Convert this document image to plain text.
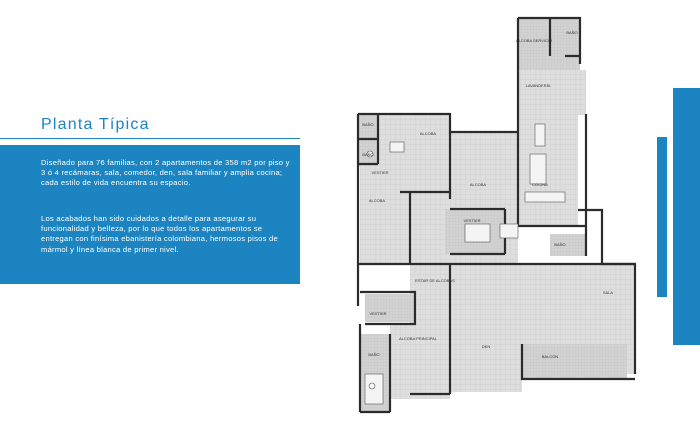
Planta Típica

Diseñado para 76 familias, con 2 apartamentos de 358 m2 por piso y 3 ó 4 recámaras, sala, comedor, den, sala familiar y amplia cocina; cada estilo de vida encuentra su espacio.

Los acabados han sido cuidados a detalle para asegurar su funcionalidad y belleza, por lo que todos los apartamentos se entregan con finísima ebanistería colombiana, hermosos pisos de mármol y línea blanca de primer nivel.

ALCOBA SERVICIO
BAÑO
LAVANDERÍA
BAÑO
ALCOBA
BAÑO
VESTIER
ALCOBA
ALCOBA
VESTIER
COCINA
BAÑO
ESTAR DE ALCOBAS
SALA
VESTIER
ALCOBA PRINCIPAL
DEN
BAÑO	BALCÓN
